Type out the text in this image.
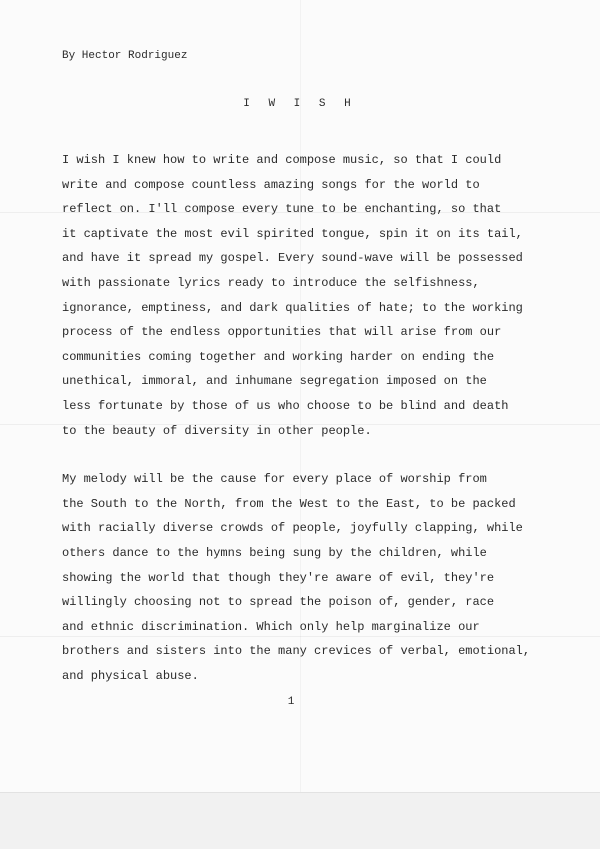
By Hector Rodriguez
I W I S H
I wish I knew how to write and compose music, so that I could
write and compose countless amazing songs for the world to
reflect on. I'll compose every tune to be enchanting, so that
it captivate the most evil spirited tongue, spin it on its tail,
and have it spread my gospel. Every sound-wave will be possessed
with passionate lyrics ready to introduce the selfishness,
ignorance, emptiness, and dark qualities of hate; to the working
process of the endless opportunities that will arise from our
communities coming together and working harder on ending the
unethical, immoral, and inhumane segregation imposed on the
less fortunate by those of us who choose to be blind and death
to the beauty of diversity in other people.
My melody will be the cause for every place of worship from
the South to the North, from the West to the East, to be packed
with racially diverse crowds of people, joyfully clapping, while
others dance to the hymns being sung by the children, while
showing the world that though they're aware of evil, they're
willingly choosing not to spread the poison of, gender, race
and ethnic discrimination. Which only help marginalize our
brothers and sisters into the many crevices of verbal, emotional,
and physical abuse.
1
